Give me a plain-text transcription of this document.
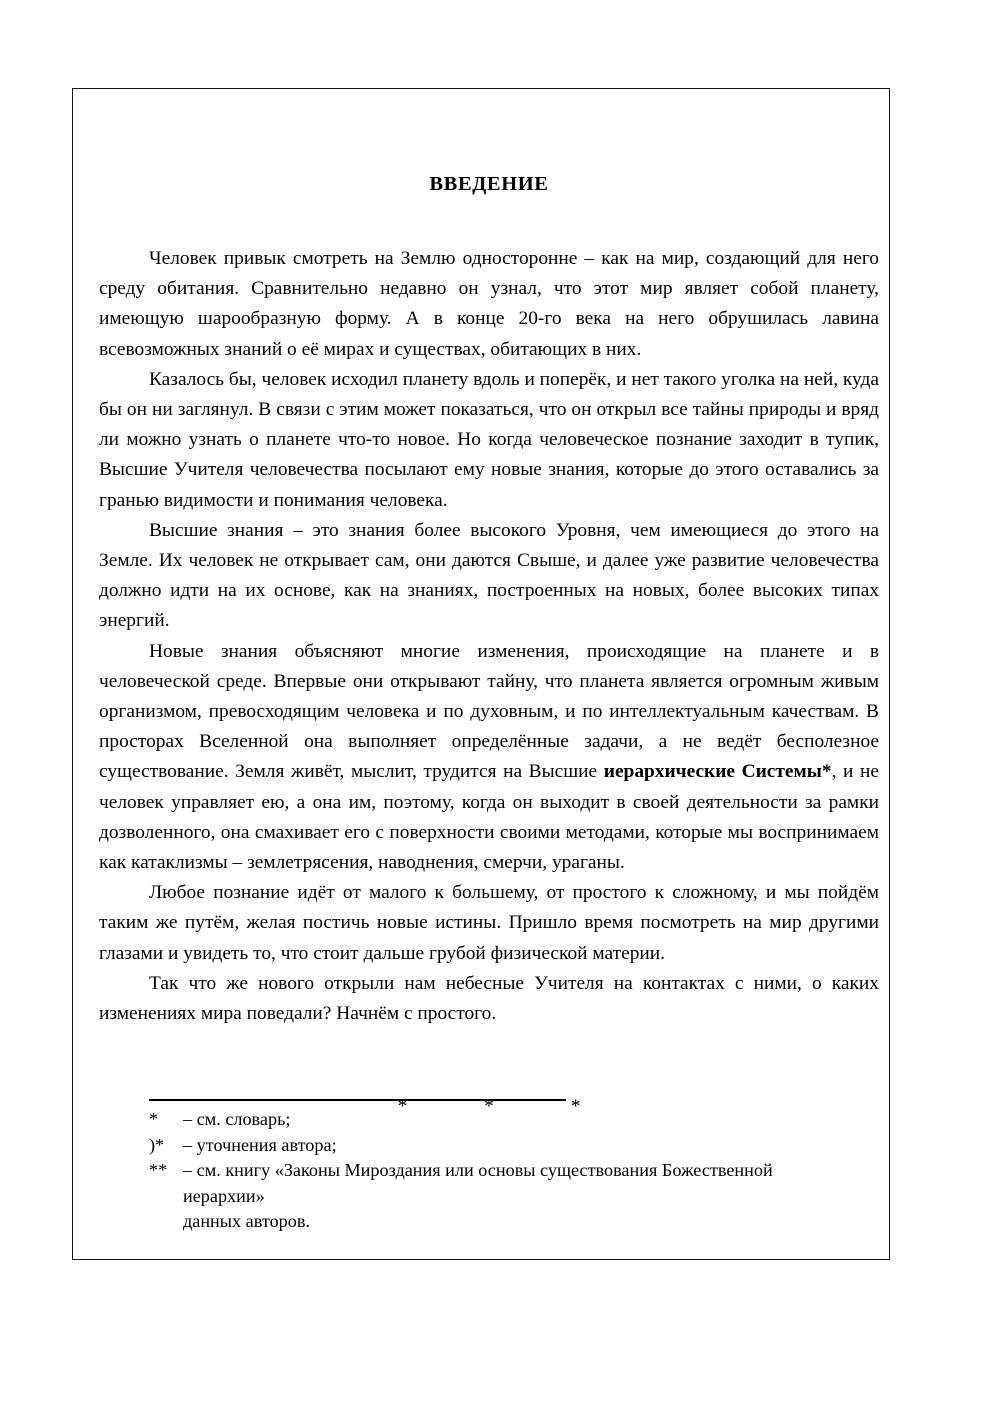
ВВЕДЕНИЕ

Человек привык смотреть на Землю односторонне – как на мир, создающий для него среду обитания. Сравнительно недавно он узнал, что этот мир являет собой планету, имеющую шарообразную форму. А в конце 20-го века на него обрушилась лавина всевозможных знаний о её мирах и существах, обитающих в них.

Казалось бы, человек исходил планету вдоль и поперёк, и нет такого уголка на ней, куда бы он ни заглянул. В связи с этим может показаться, что он открыл все тайны природы и вряд ли можно узнать о планете что-то новое. Но когда человеческое познание заходит в тупик, Высшие Учителя человечества посылают ему новые знания, которые до этого оставались за гранью видимости и понимания человека.

Высшие знания – это знания более высокого Уровня, чем имеющиеся до этого на Земле. Их человек не открывает сам, они даются Свыше, и далее уже развитие человечества должно идти на их основе, как на знаниях, построенных на новых, более высоких типах энергий.

Новые знания объясняют многие изменения, происходящие на планете и в человеческой среде. Впервые они открывают тайну, что планета является огромным живым организмом, превосходящим человека и по духовным, и по интеллектуальным качествам. В просторах Вселенной она выполняет определённые задачи, а не ведёт бесполезное существование. Земля живёт, мыслит, трудится на Высшие иерархические Системы*, и не человек управляет ею, а она им, поэтому, когда он выходит в своей деятельности за рамки дозволенного, она смахивает его с поверхности своими методами, которые мы воспринимаем как катаклизмы – землетрясения, наводнения, смерчи, ураганы.

Любое познание идёт от малого к большему, от простого к сложному, и мы пойдём таким же путём, желая постичь новые истины. Пришло время посмотреть на мир другими глазами и увидеть то, что стоит дальше грубой физической материи.

Так что же нового открыли нам небесные Учителя на контактах с ними, о каких изменениях мира поведали? Начнём с простого.

* * *
*	– см. словарь;
)*	– уточнения автора;
** – см. книгу «Законы Мироздания или основы существования Божественной иерархии»
данных авторов.
